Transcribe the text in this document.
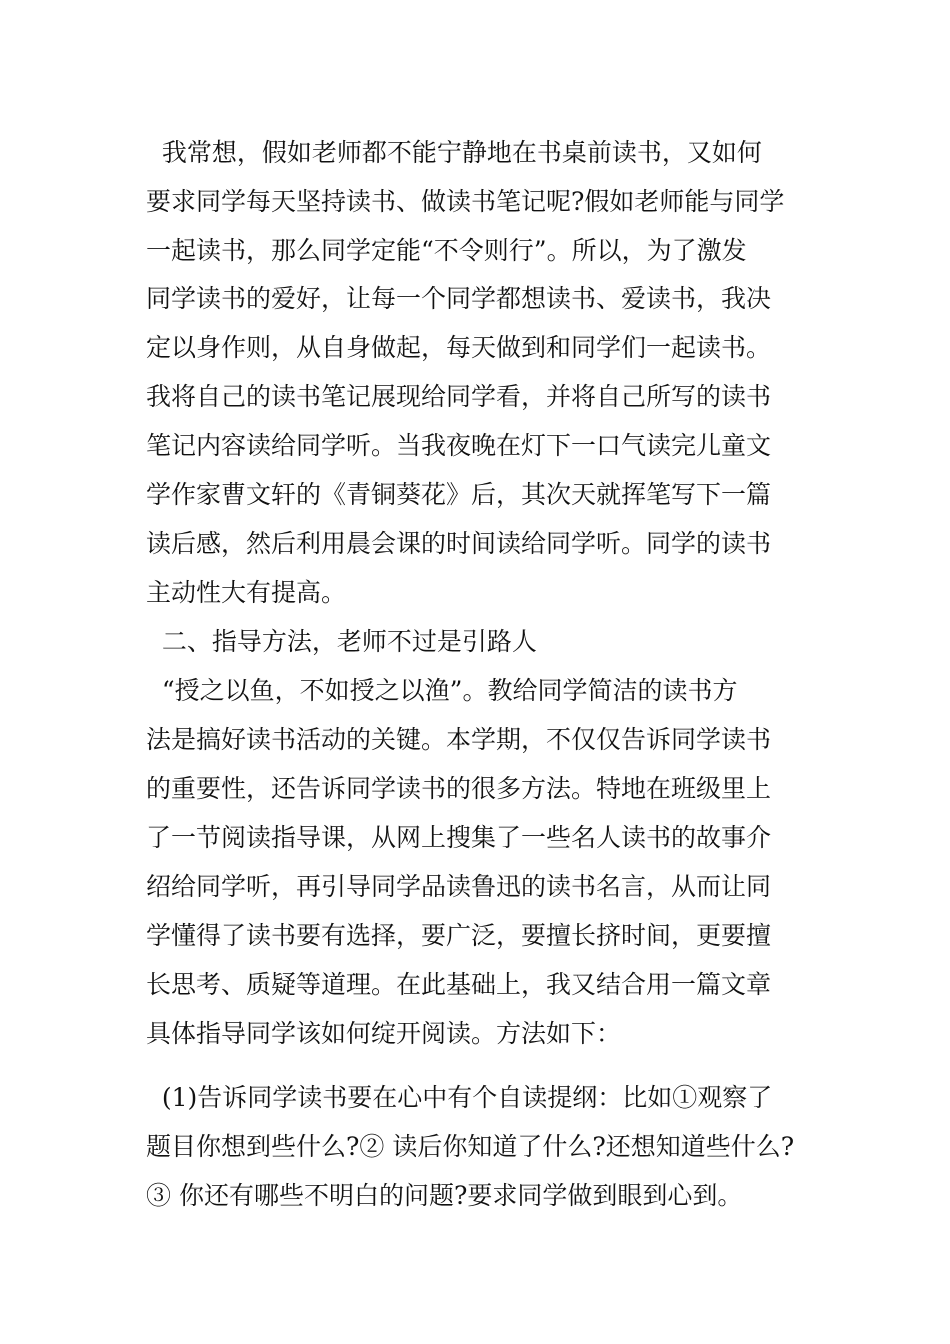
我常想，假如老师都不能宁静地在书桌前读书，又如何

要求同学每天坚持读书、做读书笔记呢?假如老师能与同学

一起读书，那么同学定能“不令则行”。所以，为了激发

同学读书的爱好，让每一个同学都想读书、爱读书，我决

定以身作则，从自身做起，每天做到和同学们一起读书。

我将自己的读书笔记展现给同学看，并将自己所写的读书

笔记内容读给同学听。当我夜晚在灯下一口气读完儿童文

学作家曹文轩的《青铜葵花》后，其次天就挥笔写下一篇

读后感，然后利用晨会课的时间读给同学听。同学的读书

主动性大有提高。

二、指导方法，老师不过是引路人

“授之以鱼，不如授之以渔”。教给同学简洁的读书方

法是搞好读书活动的关键。本学期，不仅仅告诉同学读书

的重要性，还告诉同学读书的很多方法。特地在班级里上

了一节阅读指导课，从网上搜集了一些名人读书的故事介

绍给同学听，再引导同学品读鲁迅的读书名言，从而让同

学懂得了读书要有选择，要广泛，要擅长挤时间，更要擅

长思考、质疑等道理。在此基础上，我又结合用一篇文章

具体指导同学该如何绽开阅读。方法如下：

(1)告诉同学读书要在心中有个自读提纲：比如①观察了

题目你想到些什么?② 读后你知道了什么?还想知道些什么?

③ 你还有哪些不明白的问题?要求同学做到眼到心到。
